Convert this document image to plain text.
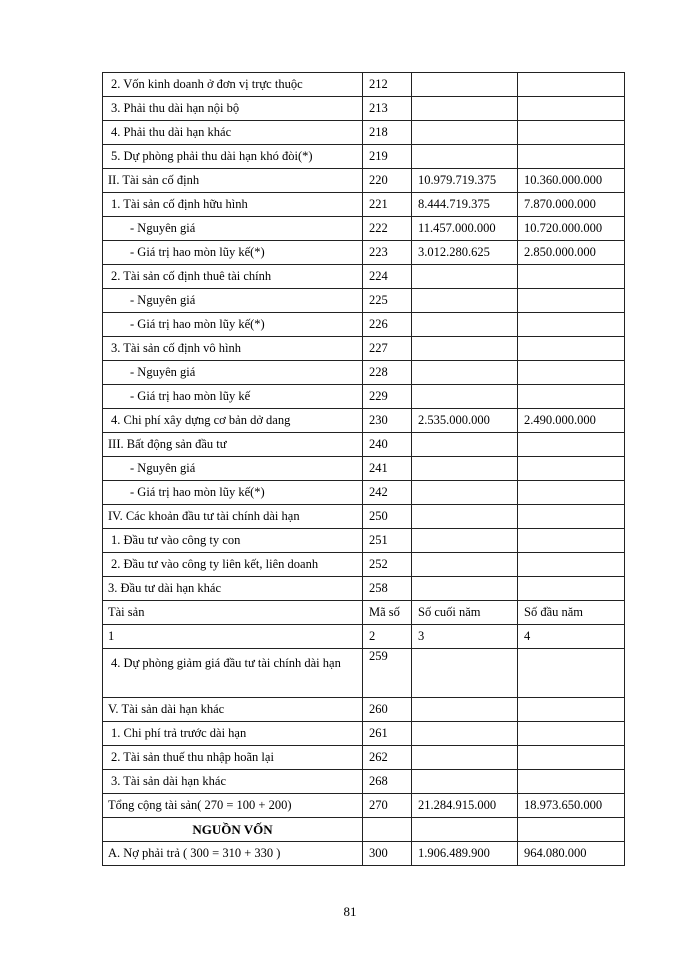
2. Vốn kinh doanh ở đơn vị trực thuộc	212		
3. Phải thu dài hạn nội bộ	213		
4. Phải thu dài hạn khác	218		
5. Dự phòng phải thu dài hạn khó đòi(*)	219		
II. Tài sản cố định	220	10.979.719.375	10.360.000.000
1. Tài sản cố định hữu hình	221	8.444.719.375	7.870.000.000
- Nguyên giá	222	11.457.000.000	10.720.000.000
- Giá trị hao mòn lũy kế(*)	223	3.012.280.625	2.850.000.000
2. Tài sản cố định thuê tài chính	224		
- Nguyên giá	225		
- Giá trị hao mòn lũy kế(*)	226		
3. Tài sản cố định vô hình	227		
- Nguyên giá	228		
- Giá trị hao mòn lũy kế	229		
4. Chi phí xây dựng cơ bản dở dang	230	2.535.000.000	2.490.000.000
III. Bất động sản đầu tư	240		
- Nguyên giá	241		
- Giá trị hao mòn lũy kế(*)	242		
IV. Các khoản đầu tư tài chính dài hạn	250		
1. Đầu tư vào công ty con	251		
2. Đầu tư vào công ty liên kết, liên doanh	252		
3. Đầu tư dài hạn khác	258		
Tài sản	Mã số	Số cuối năm	Số đầu năm
1	2	3	4
4. Dự phòng giảm giá đầu tư tài chính dài hạn	259		
V. Tài sản dài hạn khác	260		
1. Chi phí trả trước dài hạn	261		
2. Tài sản thuế thu nhập hoãn lại	262		
3. Tài sản dài hạn khác	268		
Tổng cộng tài sản( 270 = 100 + 200)	270	21.284.915.000	18.973.650.000
NGUỒN VỐN			
A. Nợ phải trả ( 300 = 310 + 330 )	300	1.906.489.900	964.080.000
81
